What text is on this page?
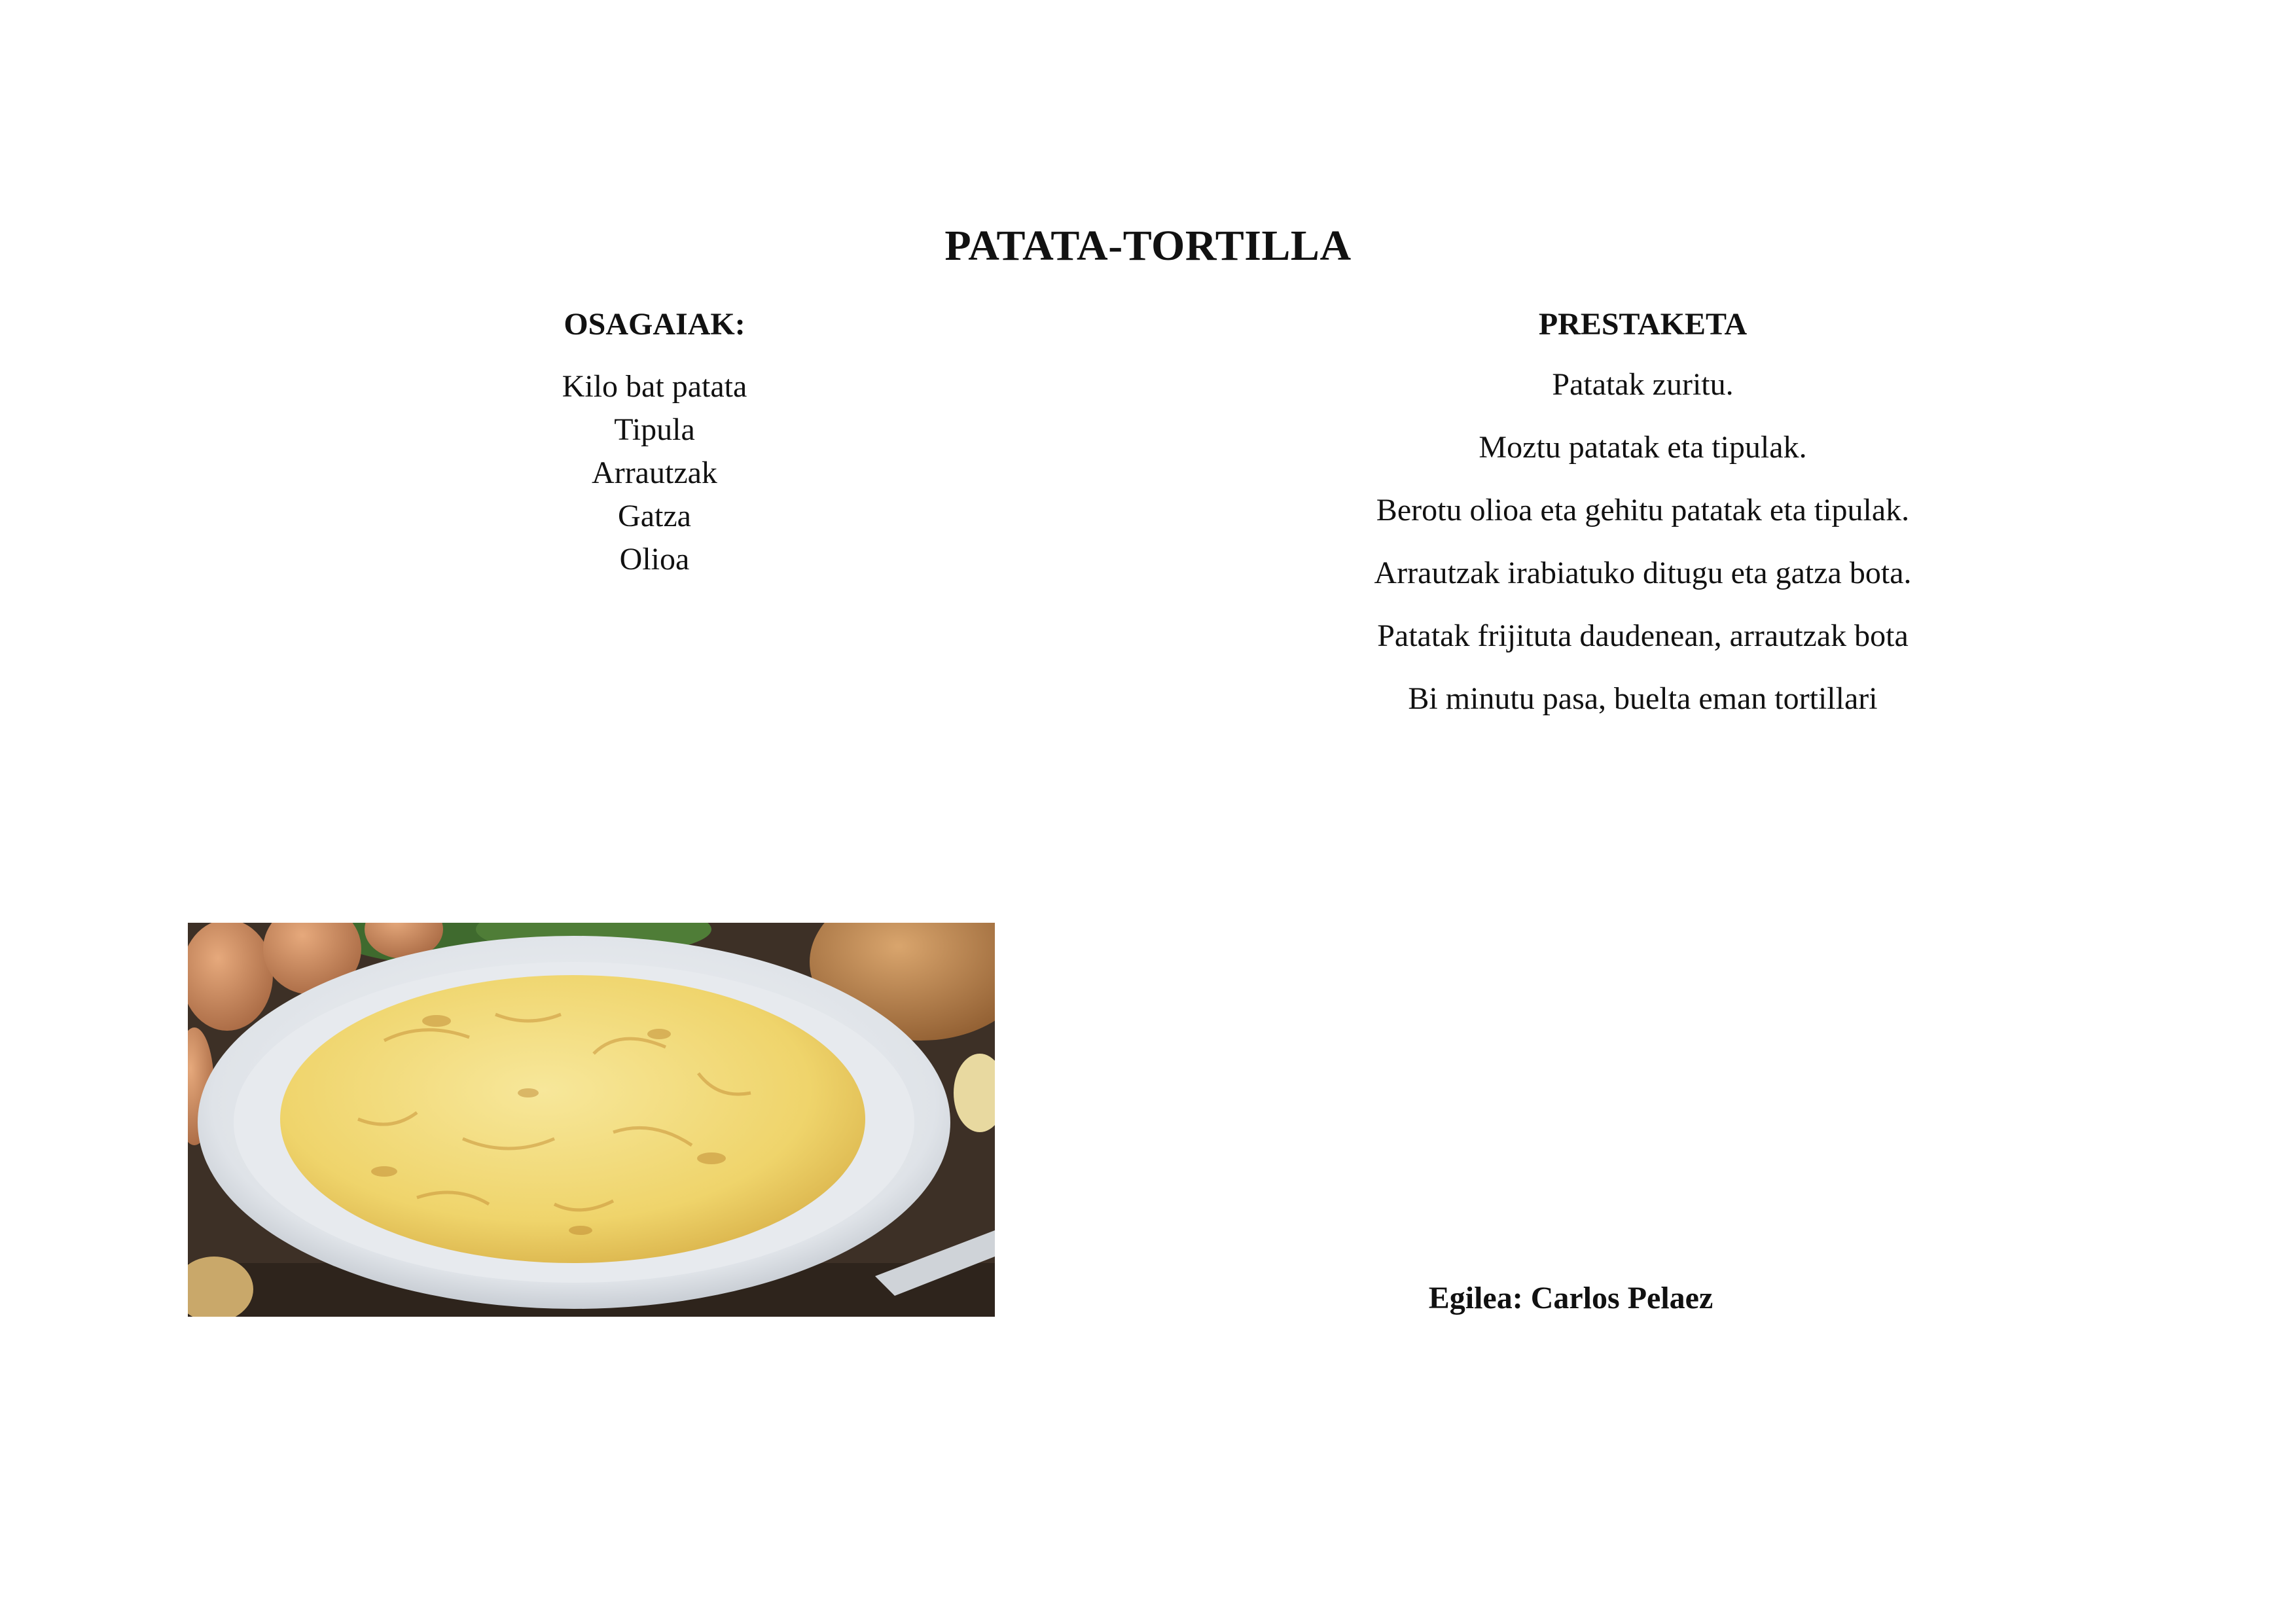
PATATA-TORTILLA
OSAGAIAK:
Kilo bat patata
Tipula
Arrautzak
Gatza
Olioa
PRESTAKETA
Patatak zuritu.
Moztu patatak eta tipulak.
Berotu olioa eta gehitu patatak eta tipulak.
Arrautzak irabiatuko ditugu eta gatza bota.
Patatak frijituta daudenean, arrautzak bota
Bi minutu pasa, buelta eman tortillari
Egilea: Carlos Pelaez
